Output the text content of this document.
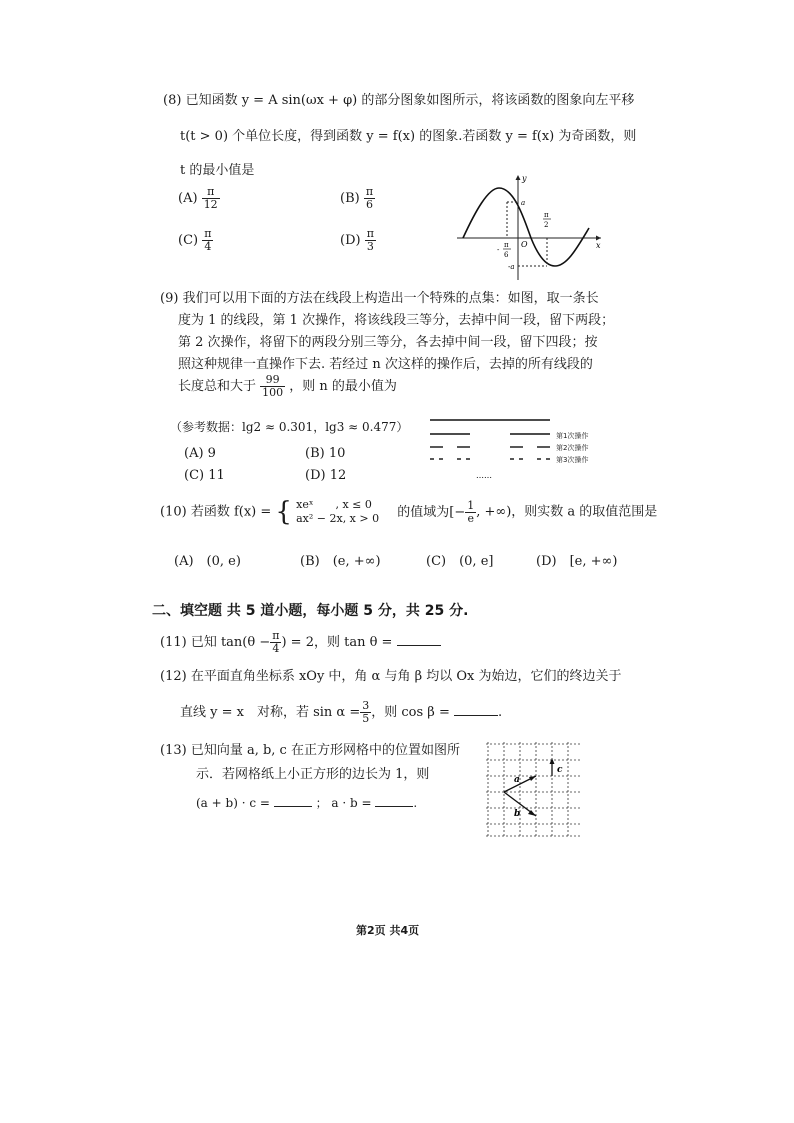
(8) 已知函数 y = A sin(ωx + φ) 的部分图象如图所示，将该函数的图象向左平移
t(t > 0) 个单位长度，得到函数 y = f(x) 的图象.若函数 y = f(x) 为奇函数，则
t 的最小值是
$(A) \frac{\pi}{12}$	$(B) \frac{\pi}{6}$
$(C) \frac{\pi}{4}$	$(D) \frac{\pi}{3}$
y
x
a
-a
O
-
π
6
π
2
(9) 我们可以用下面的方法在线段上构造出一个特殊的点集：如图，取一条长
度为 1 的线段，第 1 次操作，将该线段三等分，去掉中间一段，留下两段；
第 2 次操作，将留下的两段分别三等分，各去掉中间一段，留下四段；按
照这种规律一直操作下去. 若经过 n 次这样的操作后，去掉的所有线段的
长度总和大于 $\frac{99}{100}$ ，则 n 的最小值为
（参考数据：lg2 ≈ 0.301，lg3 ≈ 0.477）
(A) 9	(B) 10
(C) 11	(D) 12	……
第1次操作
第2次操作
第3次操作
(10) 若函数 f(x) = { xeˣ　　, x ≤ 0
ax² − 2x, x > 0 的值域为[− $\frac{1}{e}$ , +∞)，则实数 a 的取值范围是
(A)　(0, e)	(B)　(e, +∞)	(C)　(0, e]	(D)　[e, +∞)
二、填空题 共 5 道小题，每小题 5 分，共 25 分.
(11) 已知 $\tan(\theta - \frac{\pi}{4}$ ) = 2，则 tan θ =
(12) 在平面直角坐标系 xOy 中，角 α 与角 β 均以 Ox 为始边，它们的终边关于
直线 y = x　对称，若 $\sin \alpha = \frac{3}{5}$ ，则 cos β =	.
(13) 已知向量 a, b, c 在正方形网格中的位置如图所
示．若网格纸上小正方形的边长为 1，则
(a + b) · c =	； a · b =	.
a
b
c
第2页 共4页
